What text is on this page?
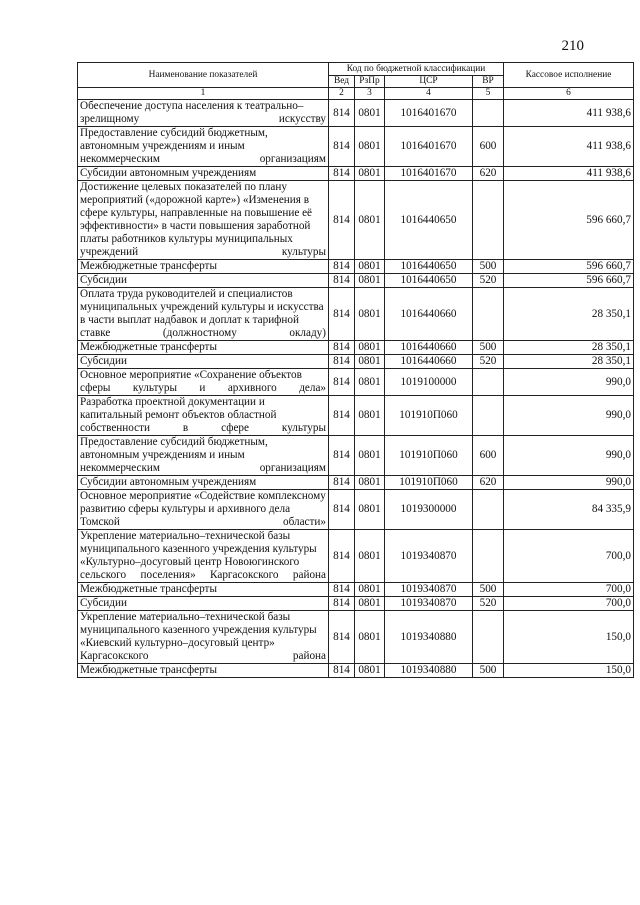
210
Наименование показателей	Код по бюджетной классификации				Кассовое исполнение
	Вед	РзПр	ЦСР	ВР	
1	2	3	4	5	6
Обеспечение доступа населения к театрально–зрелищному искусству	814	0801	1016401670		411 938,6
Предоставление субсидий бюджетным, автономным учреждениям и иным некоммерческим организациям	814	0801	1016401670	600	411 938,6
Субсидии автономным учреждениям	814	0801	1016401670	620	411 938,6
Достижение целевых показателей по плану мероприятий («дорожной карте») «Изменения в сфере культуры, направленные на повышение её эффективности» в части повышения заработной платы работников культуры муниципальных учреждений культуры	814	0801	1016440650		596 660,7
Межбюджетные трансферты	814	0801	1016440650	500	596 660,7
Субсидии	814	0801	1016440650	520	596 660,7
Оплата труда руководителей и специалистов муниципальных учреждений культуры и искусства в части выплат надбавок и доплат к тарифной ставке (должностному окладу)	814	0801	1016440660		28 350,1
Межбюджетные трансферты	814	0801	1016440660	500	28 350,1
Субсидии	814	0801	1016440660	520	28 350,1
Основное мероприятие «Сохранение объектов сферы культуры и архивного дела»	814	0801	1019100000		990,0
Разработка проектной документации и капитальный ремонт объектов областной собственности в сфере культуры	814	0801	101910П060		990,0
Предоставление субсидий бюджетным, автономным учреждениям и иным некоммерческим организациям	814	0801	101910П060	600	990,0
Субсидии автономным учреждениям	814	0801	101910П060	620	990,0
Основное мероприятие «Содействие комплексному развитию сферы культуры и архивного дела Томской области»	814	0801	1019300000		84 335,9
Укрепление материально–технической базы муниципального казенного учреждения культуры «Культурно–досуговый центр Новоюгинского сельского поселения» Каргасокского района	814	0801	1019340870		700,0
Межбюджетные трансферты	814	0801	1019340870	500	700,0
Субсидии	814	0801	1019340870	520	700,0
Укрепление материально–технической базы муниципального казенного учреждения культуры «Киевский культурно–досуговый центр» Каргасокского района	814	0801	1019340880		150,0
Межбюджетные трансферты	814	0801	1019340880	500	150,0
